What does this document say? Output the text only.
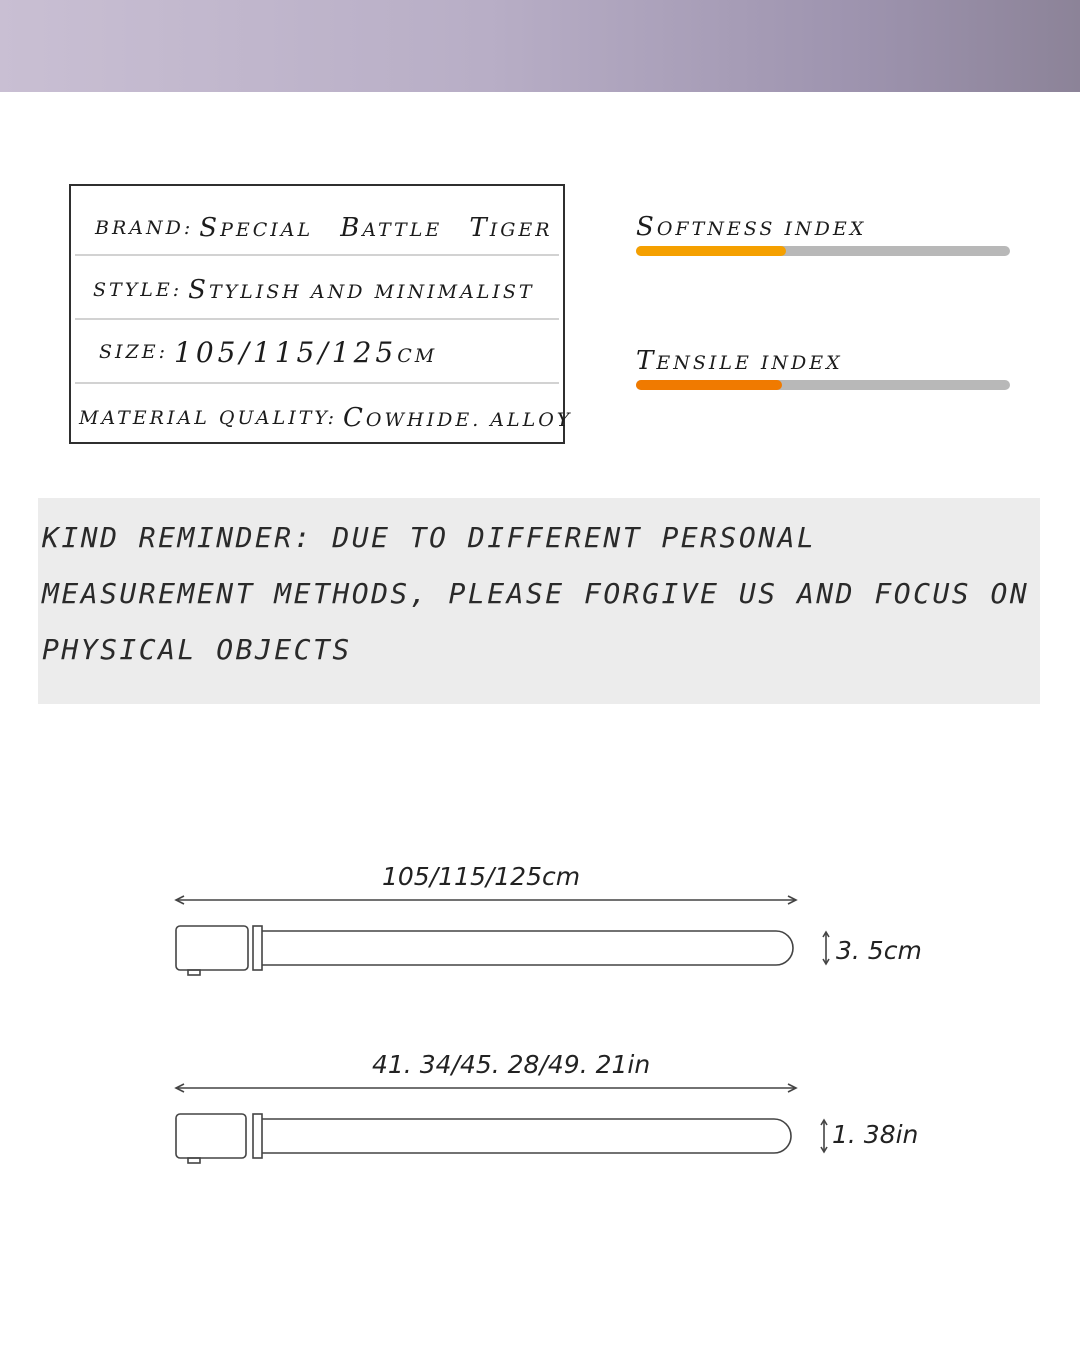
BRAND: SPECIAL BATTLE TIGER
STYLE: STYLISH AND MINIMALIST
SIZE: 105/115/125CM
MATERIAL QUALITY: COWHIDE. ALLOY
SOFTNESS INDEX
TENSILE INDEX

KIND REMINDER: DUE TO DIFFERENT PERSONAL MEASUREMENT METHODS, PLEASE FORGIVE US AND FOCUS ON PHYSICAL OBJECTS

105/115/125cm
3. 5cm
41. 34/45. 28/49. 21in
1. 38in
